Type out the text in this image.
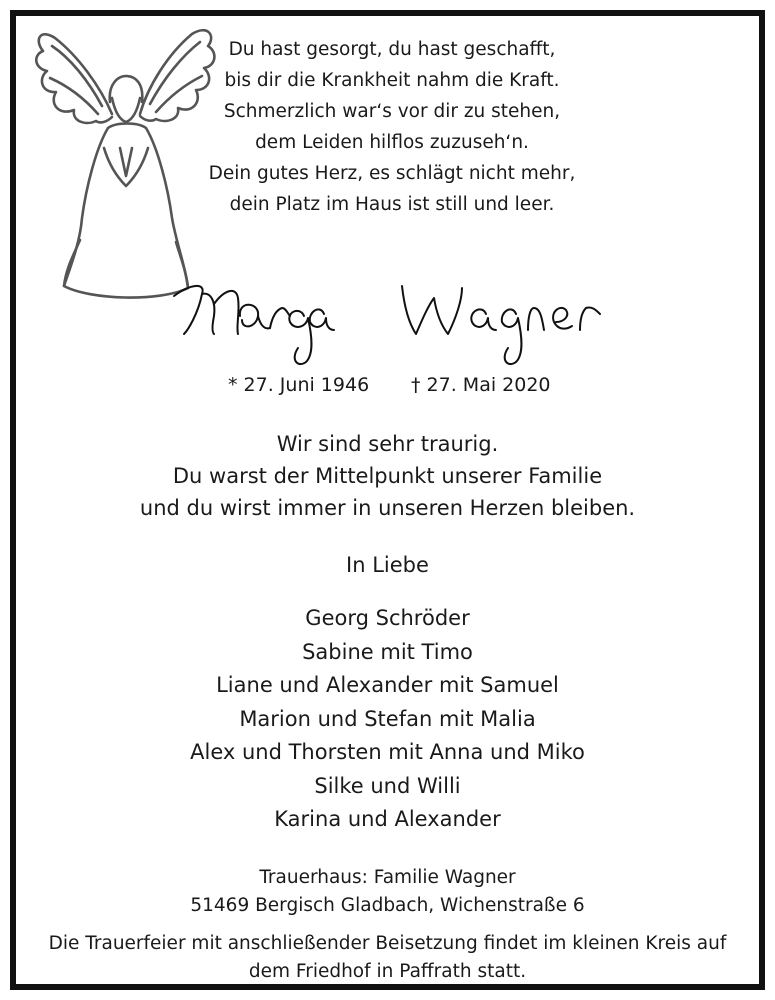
Du hast gesorgt, du hast geschafft,
bis dir die Krankheit nahm die Kraft.
Schmerzlich war‘s vor dir zu stehen,
dem Leiden hilflos zuzuseh‘n.
Dein gutes Herz, es schlägt nicht mehr,
dein Platz im Haus ist still und leer.
* 27. Juni 1946 † 27. Mai 2020
Wir sind sehr traurig.
Du warst der Mittelpunkt unserer Familie
und du wirst immer in unseren Herzen bleiben.
In Liebe
Georg Schröder
Sabine mit Timo
Liane und Alexander mit Samuel
Marion und Stefan mit Malia
Alex und Thorsten mit Anna und Miko
Silke und Willi
Karina und Alexander
Trauerhaus: Familie Wagner
51469 Bergisch Gladbach, Wichenstraße 6
Die Trauerfeier mit anschließender Beisetzung findet im kleinen Kreis auf
dem Friedhof in Paffrath statt.
